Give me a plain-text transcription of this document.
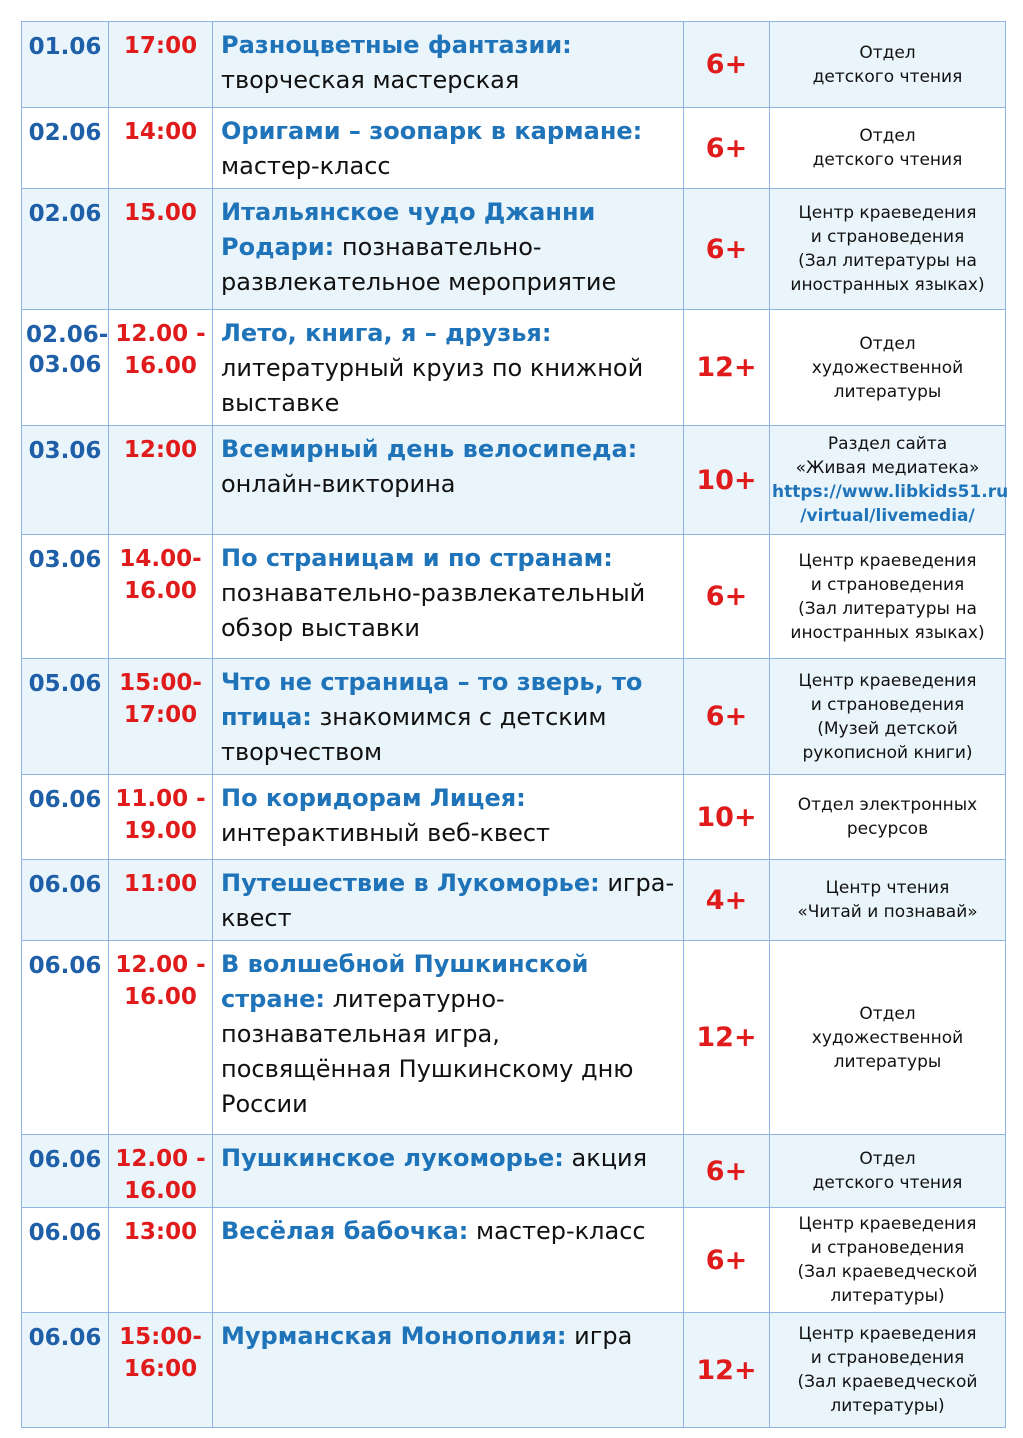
01.06	17:00	Разноцветные фантазии: творческая мастерская	6+	Отдел
детского чтения

02.06	14:00	Оригами – зоопарк в кармане: мастер-класс	6+	Отдел
детского чтения

02.06	15.00	Итальянское чудо Джанни Родари: познавательно-развлекательное мероприятие	6+	Центр краеведения
и страноведения
(Зал литературы на
иностранных языках)

02.06-
03.06	12.00 -
16.00	Лето, книга, я – друзья: литературный круиз по книжной выставке	12+	Отдел
художественной
литературы

03.06	12:00	Всемирный день велосипеда: онлайн-викторина	10+	Раздел сайта
«Живая медиатека»
https://www.libkids51.ru
/virtual/livemedia/

03.06	14.00-
16.00	По страницам и по странам: познавательно-развлекательный обзор выставки	6+	Центр краеведения
и страноведения
(Зал литературы на
иностранных языках)

05.06	15:00-
17:00	Что не страница – то зверь, то птица: знакомимся с детским творчеством	6+	Центр краеведения
и страноведения
(Музей детской
рукописной книги)

06.06	11.00 -
19.00	По коридорам Лицея: интерактивный веб-квест	10+	Отдел электронных
ресурсов

06.06	11:00	Путешествие в Лукоморье: игра-квест	4+	Центр чтения
«Читай и познавай»

06.06	12.00 -
16.00	В волшебной Пушкинской стране: литературно-познавательная игра, посвящённая Пушкинскому дню России	12+	Отдел
художественной
литературы

06.06	12.00 -
16.00	Пушкинское лукоморье: акция	6+	Отдел
детского чтения

06.06	13:00	Весёлая бабочка: мастер-класс	6+	Центр краеведения
и страноведения
(Зал краеведческой
литературы)

06.06	15:00-
16:00	Мурманская Монополия: игра	12+	Центр краеведения
и страноведения
(Зал краеведческой
литературы)
